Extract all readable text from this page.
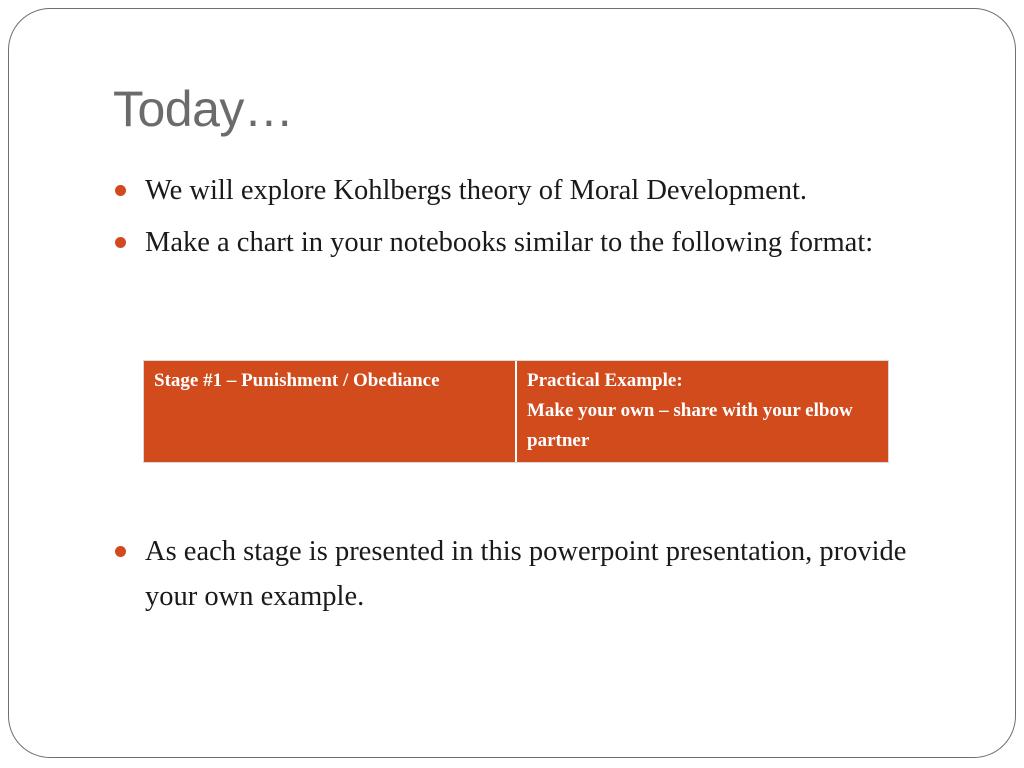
Today…
We will explore Kohlbergs theory of Moral Development.
Make a chart in your notebooks similar to the following format:
Stage #1 – Punishment / Obediance	Practical Example:
Make your own – share with your elbow partner
As each stage is presented in this powerpoint presentation, provide your own example.
